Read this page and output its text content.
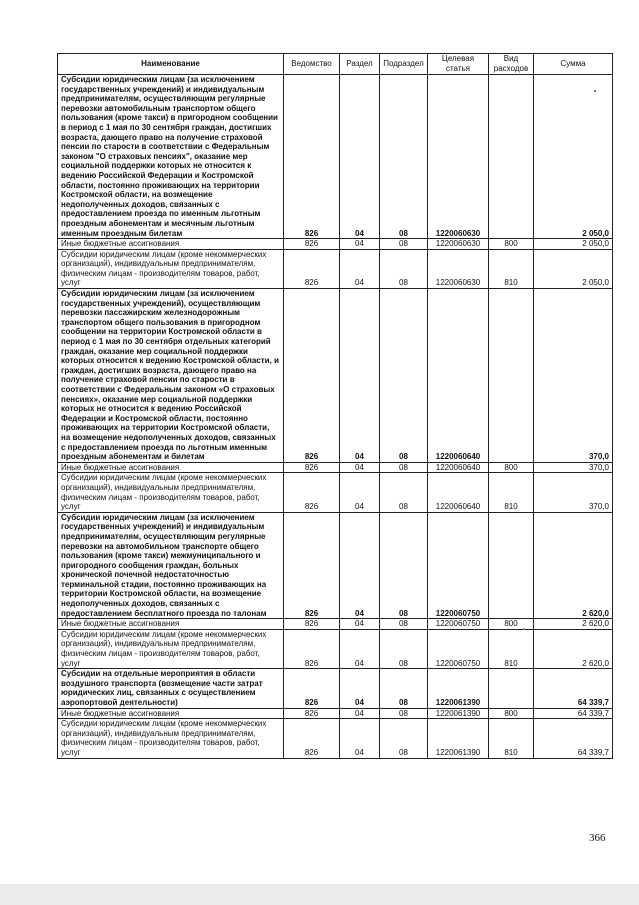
Наименование	Ведомство	Раздел	Подраздел	Целевая статья	Вид расходов	Сумма
Субсидии юридическим лицам (за исключением государственных учреждений) и индивидуальным предпринимателям, осуществляющим регулярные перевозки автомобильным транспортом общего пользования (кроме такси) в пригородном сообщении в период с 1 мая по 30 сентября граждан, достигших возраста, дающего право на получение страховой пенсии по старости в соответствии с Федеральным законом "О страховых пенсиях", оказание мер социальной поддержки которых не относится к ведению Российской Федерации и Костромской области, постоянно проживающих на территории Костромской области, на возмещение недополученных доходов, связанных с предоставлением проезда по именным льготным проездным абонементам и месячным льготным именным проездным билетам	826	04	08	1220060630		2 050,0
Иные бюджетные ассигнования	826	04	08	1220060630	800	2 050,0
Субсидии юридическим лицам (кроме некоммерческих организаций), индивидуальным предпринимателям, физическим лицам - производителям товаров, работ, услуг	826	04	08	1220060630	810	2 050,0
Субсидии юридическим лицам (за исключением государственных учреждений), осуществляющим перевозки пассажирским железнодорожным транспортом общего пользования в пригородном сообщении на территории Костромской области в период с 1 мая по 30 сентября отдельных категорий граждан, оказание мер социальной поддержки которых относится к ведению Костромской области, и граждан, достигших возраста, дающего право на получение страховой пенсии по старости в соответствии с Федеральным законом «О страховых пенсиях», оказание мер социальной поддержки которых не относится к ведению Российской Федерации и Костромской области, постоянно проживающих на территории Костромской области, на возмещение недополученных доходов, связанных с предоставлением проезда по льготным именным проездным абонементам и билетам	826	04	08	1220060640		370,0
Иные бюджетные ассигнования	826	04	08	1220060640	800	370,0
Субсидии юридическим лицам (кроме некоммерческих организаций), индивидуальным предпринимателям, физическим лицам - производителям товаров, работ, услуг	826	04	08	1220060640	810	370,0
Субсидии юридическим лицам (за исключением государственных учреждений) и индивидуальным предпринимателям, осуществляющим регулярные перевозки на автомобильном транспорте общего пользования (кроме такси) межмуниципального и пригородного сообщения граждан, больных хронической почечной недостаточностью терминальной стадии, постоянно проживающих на территории Костромской области, на возмещение недополученных доходов, связанных с предоставлением бесплатного проезда по талонам	826	04	08	1220060750		2 620,0
Иные бюджетные ассигнования	826	04	08	1220060750	800	2 620,0
Субсидии юридическим лицам (кроме некоммерческих организаций), индивидуальным предпринимателям, физическим лицам - производителям товаров, работ, услуг	826	04	08	1220060750	810	2 620,0
Субсидии на отдельные мероприятия в области воздушного транспорта (возмещение части затрат юридических лиц, связанных с осуществлением аэропортовой деятельности)	826	04	08	1220061390		64 339,7
Иные бюджетные ассигнования	826	04	08	1220061390	800	64 339,7
Субсидии юридическим лицам (кроме некоммерческих организаций), индивидуальным предпринимателям, физическим лицам - производителям товаров, работ, услуг	826	04	08	1220061390	810	64 339,7
366
